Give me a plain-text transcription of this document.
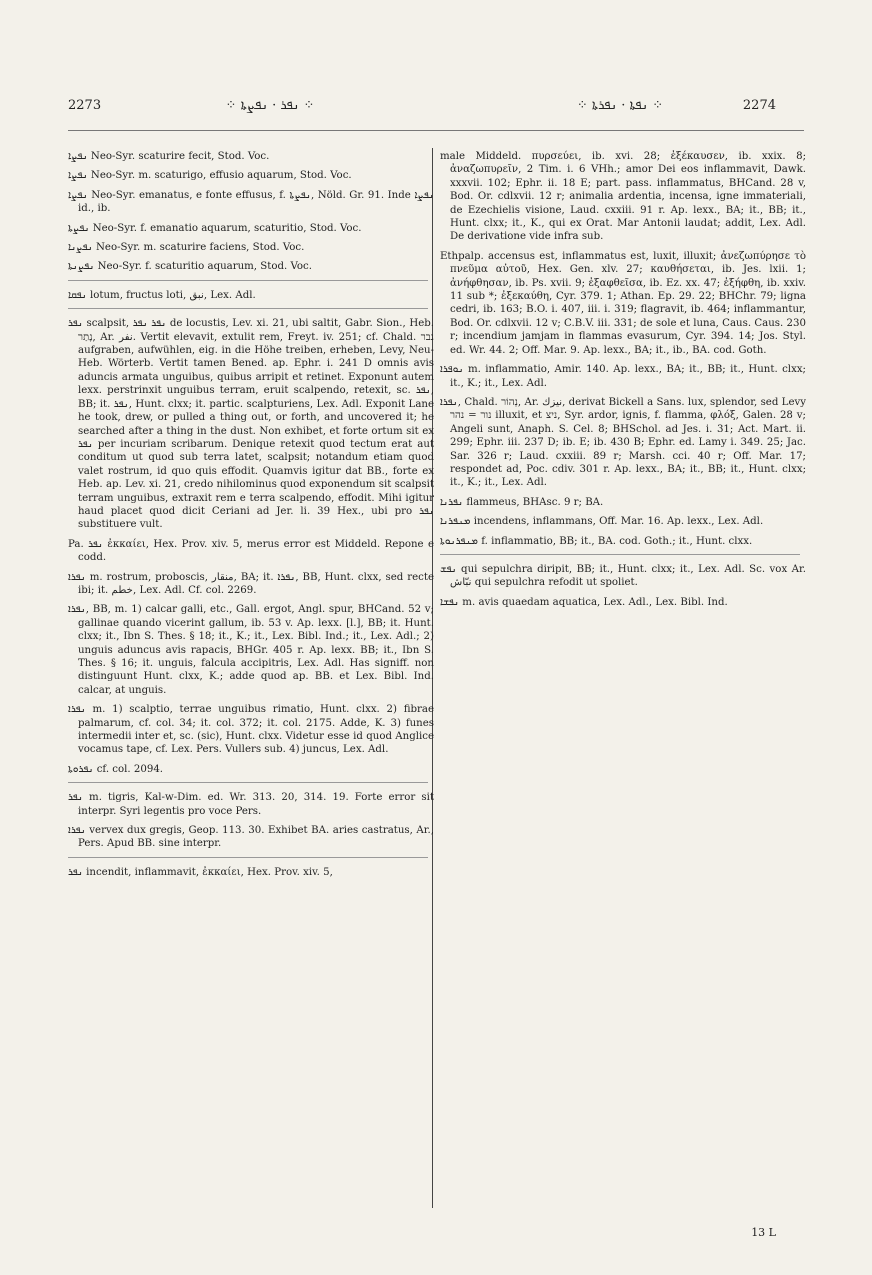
2273	⁘ ܢܦܪ · ܢܦܨܬܐ ⁘	⁘ ܢܦܬܐ · ܢܦܪܬܐ ⁘	2274

ܢܦܨܐ Neo-Syr. scaturire fecit, Stod. Voc.

ܢܦܨܐ Neo-Syr. m. scaturigo, effusio aquarum, Stod. Voc.

ܢܦܨܐ Neo-Syr. emanatus, e fonte effusus, f. ܢܦܨܬܐ, Nöld. Gr. 91. Inde ܢܦܨܐ id., ib.

ܢܦܨܬܐ Neo-Syr. f. emanatio aquarum, scaturitio, Stod. Voc.

ܢܦܨܢܐ Neo-Syr. m. scaturire faciens, Stod. Voc.

ܢܦܨܢܬܐ Neo-Syr. f. scaturitio aquarum, Stod. Voc.

ܢܦܩܐ lotum, fructus loti, نبق, Lex. Adl.

ܢܦܪ scalpsit, ܢܦܪ ܢܦܪ de locustis, Lev. xi. 21, ubi saltit, Gabr. Sion., Heb. נָתַר, Ar. نفر. Vertit elevavit, extulit rem, Freyt. iv. 251; cf. Chald. נבר aufgraben, aufwühlen, eig. in die Höhe treiben, erheben, Levy, Neu-Heb. Wörterb. Vertit tamen Bened. ap. Ephr. i. 241 D omnis avis aduncis armata unguibus, quibus arripit et retinet. Exponunt autem lexx. perstrinxit unguibus terram, eruit scalpendo, retexit, sc. ܢܦܪ, BB; it. ܢܦܪ, Hunt. clxx; it. partic. scalpturiens, Lex. Adl. Exponit Lane he took, drew, or pulled a thing out, or forth, and uncovered it; he searched after a thing in the dust. Non exhibet, et forte ortum sit ex ܢܦܪ per incuriam scribarum. Denique retexit quod tectum erat aut conditum ut quod sub terra latet, scalpsit; notandum etiam quod valet rostrum, id quo quis effodit. Quamvis igitur dat BB., forte ex Heb. ap. Lev. xi. 21, credo nihilominus quod exponendum sit scalpsit terram unguibus, extraxit rem e terra scalpendo, effodit. Mihi igitur haud placet quod dicit Ceriani ad Jer. li. 39 Hex., ubi pro ܢܦܪ substituere vult.

Pa. ܢܦܪ ἐκκαίει, Hex. Prov. xiv. 5, merus error est Middeld. Repone e codd.

ܢܦܪܐ m. rostrum, proboscis, منقار, BA; it. ܢܦܪܐ, BB, Hunt. clxx, sed recte ibi; it. خطم, Lex. Adl. Cf. col. 2269.

ܢܦܪܐ, BB, m. 1) calcar galli, etc., Gall. ergot, Angl. spur, BHCand. 52 v; gallinae quando vicerint gallum, ib. 53 v. Ap. lexx. [l.], BB; it. Hunt. clxx; it., Ibn S. Thes. § 18; it., K.; it., Lex. Bibl. Ind.; it., Lex. Adl.; 2) unguis aduncus avis rapacis, BHGr. 405 r. Ap. lexx. BB; it., Ibn S. Thes. § 16; it. unguis, falcula accipitris, Lex. Adl. Has signiff. non distinguunt Hunt. clxx, K.; adde quod ap. BB. et Lex. Bibl. Ind. calcar, at unguis.

ܢܦܪܐ m. 1) scalptio, terrae unguibus rimatio, Hunt. clxx. 2) fibrae palmarum, cf. col. 34; it. col. 372; it. col. 2175. Adde, K. 3) funes intermedii inter et, sc. (sic), Hunt. clxx. Videtur esse id quod Anglice vocamus tape, cf. Lex. Pers. Vullers sub. 4) juncus, Lex. Adl.

ܢܦܪܘܬܐ cf. col. 2094.

ܢܦܪ m. tigris, Kal-w-Dim. ed. Wr. 313. 20, 314. 19. Forte error sit interpr. Syri legentis pro voce Pers.

ܢܦܪܐ vervex dux gregis, Geop. 113. 30. Exhibet BA. aries castratus, Ar., Pers. Apud BB. sine interpr.

ܢܦܪ incendit, inflammavit, ἐκκαίει, Hex. Prov. xiv. 5,

male Middeld. πυρσεύει, ib. xvi. 28; ἐξέκαυσεν, ib. xxix. 8; ἀναζωπυρεῖν, 2 Tim. i. 6 VHh.; amor Dei eos inflammavit, Dawk. xxxvii. 102; Ephr. ii. 18 E; part. pass. inflammatus, BHCand. 28 v, Bod. Or. cdlxvii. 12 r; animalia ardentia, incensa, igne immateriali, de Ezechielis visione, Laud. cxxiii. 91 r. Ap. lexx., BA; it., BB; it., Hunt. clxx; it., K., qui ex Orat. Mar Antonii laudat; addit, Lex. Adl. De derivatione vide infra sub.

Ethpalp. accensus est, inflammatus est, luxit, illuxit; ἀνεζωπύρησε τὸ πνεῦμα αὐτοῦ, Hex. Gen. xlv. 27; καυθήσεται, ib. Jes. lxii. 1; ἀνήφθησαν, ib. Ps. xvii. 9; ἐξαφθεῖσα, ib. Ez. xx. 47; ἐξήφθη, ib. xxiv. 11 sub *; ἐξεκαύθη, Cyr. 379. 1; Athan. Ep. 29. 22; BHChr. 79; ligna cedri, ib. 163; B.O. i. 407, iii. i. 319; flagravit, ib. 464; inflammantur, Bod. Or. cdlxvii. 12 v; C.B.V. iii. 331; de sole et luna, Caus. Caus. 230 r; incendium jamjam in flammas evasurum, Cyr. 394. 14; Jos. Styl. ed. Wr. 44. 2; Off. Mar. 9. Ap. lexx., BA; it., ib., BA. cod. Goth.

ܢܘܦܪܐ m. inflammatio, Amir. 140. Ap. lexx., BA; it., BB; it., Hunt. clxx; it., K.; it., Lex. Adl.

ܢܦܪܐ, Chald. נְהוֹר, Ar. نيزك, derivat Bickell a Sans. lux, splendor, sed Levy נור = נהר illuxit, et ניצ, Syr. ardor, ignis, f. flamma, φλόξ, Galen. 28 v; Angeli sunt, Anaph. S. Cel. 8; BHSchol. ad Jes. i. 31; Act. Mart. ii. 299; Ephr. iii. 237 D; ib. E; ib. 430 B; Ephr. ed. Lamy i. 349. 25; Jac. Sar. 326 r; Laud. cxxiii. 89 r; Marsh. cci. 40 r; Off. Mar. 17; respondet ad, Poc. cdiv. 301 r. Ap. lexx., BA; it., BB; it., Hunt. clxx; it., K.; it., Lex. Adl.

ܢܦܪܢܐ flammeus, BHAsc. 9 r; BA.

ܡܢܦܪܢܐ incendens, inflammans, Off. Mar. 16. Ap. lexx., Lex. Adl.

ܡܢܦܪܢܘܬܐ f. inflammatio, BB; it., BA. cod. Goth.; it., Hunt. clxx.

ܢܦܫ qui sepulchra diripit, BB; it., Hunt. clxx; it., Lex. Adl. Sc. vox Ar. نبّاش qui sepulchra refodit ut spoliet.

ܢܦܫܐ m. avis quaedam aquatica, Lex. Adl., Lex. Bibl. Ind.

13 L
